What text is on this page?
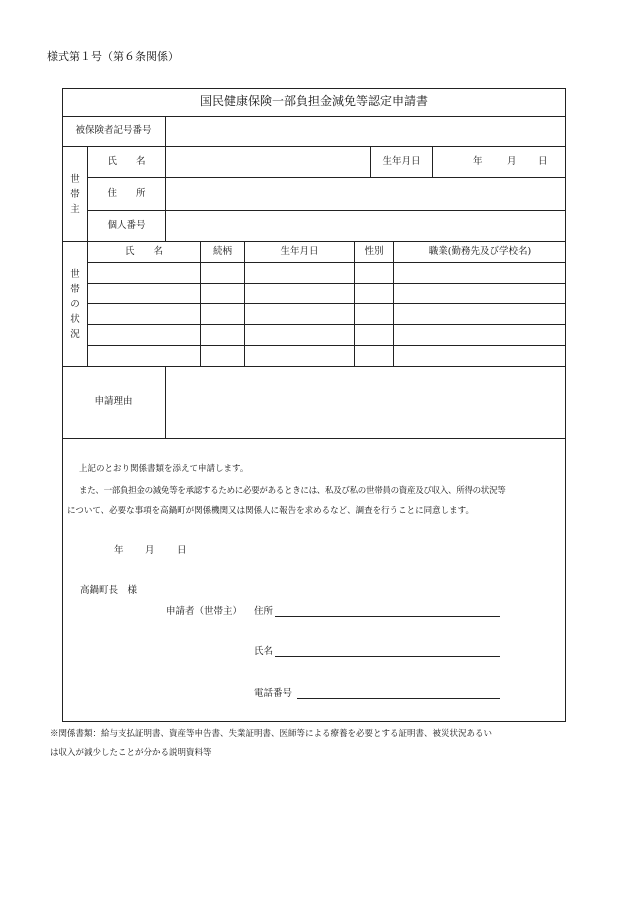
様式第１号（第６条関係）
国民健康保険一部負担金減免等認定申請書
被保険者記号番号
世
帯
主
氏　　名	生年月日	年	月 日
住　　所
個人番号
世
帯
の
状
況
氏　　名	続柄	生年月日	性別	職業(勤務先及び学校名)
申請理由
上記のとおり関係書類を添えて申請します。
また、一部負担金の減免等を承認するために必要があるときには、私及び私の世帯員の資産及び収入、所得の状況等
について、必要な事項を高鍋町が関係機関又は関係人に報告を求めるなど、調査を行うことに同意します。
年 月 日
高鍋町長　様
申請者（世帯主） 住所
氏名
電話番号
※関係書類：給与支払証明書、資産等申告書、失業証明書、医師等による療養を必要とする証明書、被災状況あるい
は収入が減少したことが分かる説明資料等
